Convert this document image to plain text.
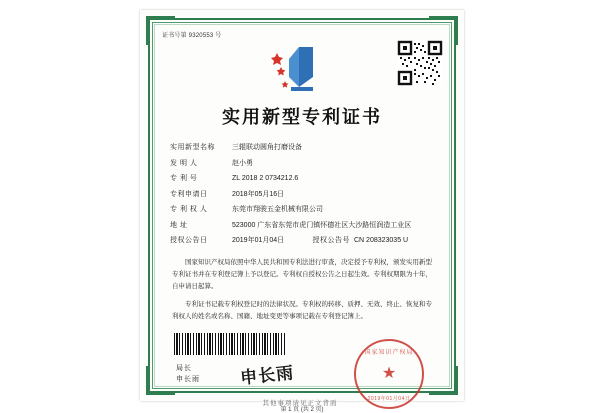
证书号第 9320553 号
实用新型专利证书
实用新型名称	三辊联动圆角打磨设备
发 明 人	赵小勇
专 利 号	ZL 2018 2 0734212.6
专利申请日	2018年05月16日
专 利 权 人	东莞市翔骏五金机械有限公司
地 址	523000 广东省东莞市虎门镇怀德社区大沙路恒润造工业区
授权公告日	2019年01月04日	授权公告号 CN 208323035 U

国家知识产权局依照中华人民共和国专利法进行审查，决定授予专利权，颁发实用新型专利证书并在专利登记簿上予以登记。专利权自授权公告之日起生效。专利权期限为十年，自申请日起算。

专利证书记载专利权登记时的法律状况。专利权的转移、质押、无效、终止、恢复和专利权人的姓名或名称、国籍、地址变更等事项记载在专利登记簿上。

局长
申长雨 申长雨
国家知识产权局
★
2019年01月04日
第 1 页 (共 2 页)
其他事项请见正文背面
